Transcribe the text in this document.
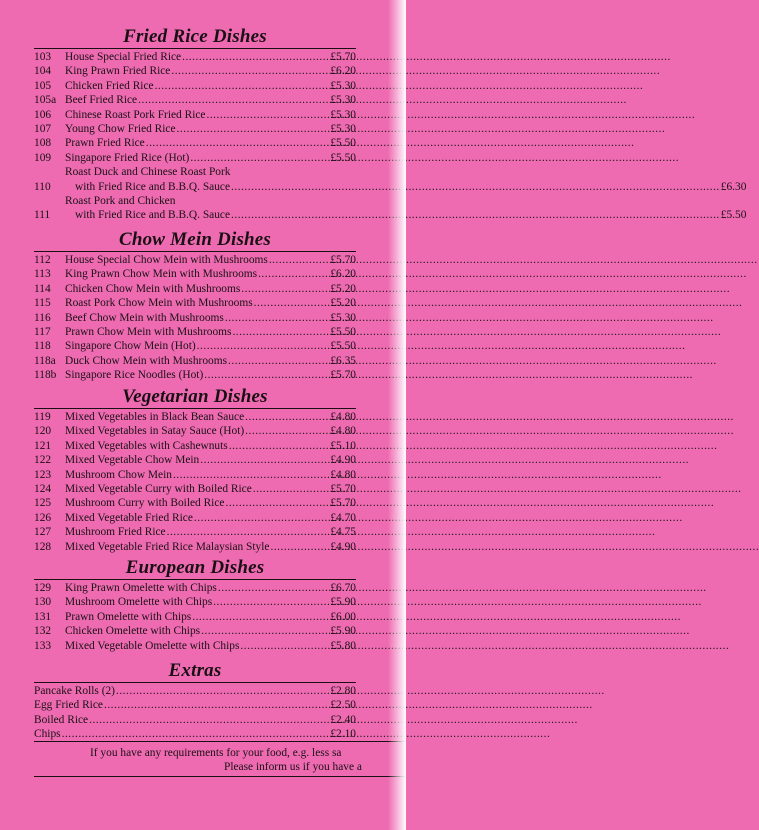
Fried Rice Dishes
103	House Special Fried Rice .....	£5.70
104	King Prawn Fried Rice .....	£6.20
105	Chicken Fried Rice .....	£5.30
105a Beef Fried Rice .....	£5.30
106	Chinese Roast Pork Fried Rice .....	£5.30
107	Young Chow Fried Rice .....	£5.30
108	Prawn Fried Rice .....	£5.50
109	Singapore Fried Rice (Hot) .....	£5.50
110
Roast Duck and Chinese Roast Pork
with Fried Rice and B.B.Q. Sauce .....	£6.30
111
Roast Pork and Chicken
with Fried Rice and B.B.Q. Sauce .....	£5.50
Chow Mein Dishes
112	House Special Chow Mein with Mushrooms .....	£5.70
113	King Prawn Chow Mein with Mushrooms .....	£6.20
114	Chicken Chow Mein with Mushrooms .....	£5.20
115	Roast Pork Chow Mein with Mushrooms .....	£5.20
116	Beef Chow Mein with Mushrooms .....	£5.30
117	Prawn Chow Mein with Mushrooms .....	£5.50
118	Singapore Chow Mein (Hot) .....	£5.50
118a Duck Chow Mein with Mushrooms .....	£6.35
118b Singapore Rice Noodles (Hot) .....	£5.70
Vegetarian Dishes
119	Mixed Vegetables in Black Bean Sauce .....	£4.80
120	Mixed Vegetables in Satay Sauce (Hot) .....	£4.80
121	Mixed Vegetables with Cashewnuts .....	£5.10
122	Mixed Vegetable Chow Mein .....	£4.90
123	Mushroom Chow Mein .....	£4.80
124	Mixed Vegetable Curry with Boiled Rice .....	£5.70
125	Mushroom Curry with Boiled Rice .....	£5.70
126	Mixed Vegetable Fried Rice .....	£4.70
127	Mushroom Fried Rice .....	£4.75
128	Mixed Vegetable Fried Rice Malaysian Style .....	£4.90
European Dishes
129	King Prawn Omelette with Chips .....	£6.70
130	Mushroom Omelette with Chips .....	£5.90
131	Prawn Omelette with Chips .....	£6.00
132	Chicken Omelette with Chips .....	£5.90
133	Mixed Vegetable Omelette with Chips .....	£5.80
Extras
Pancake Rolls (2) .....	£2.80
Egg Fried Rice .....	£2.50
Boiled Rice .....	£2.40
Chips .....	£2.10
If you have any requirements for your food, e.g. less sa
Please inform us if you have a
